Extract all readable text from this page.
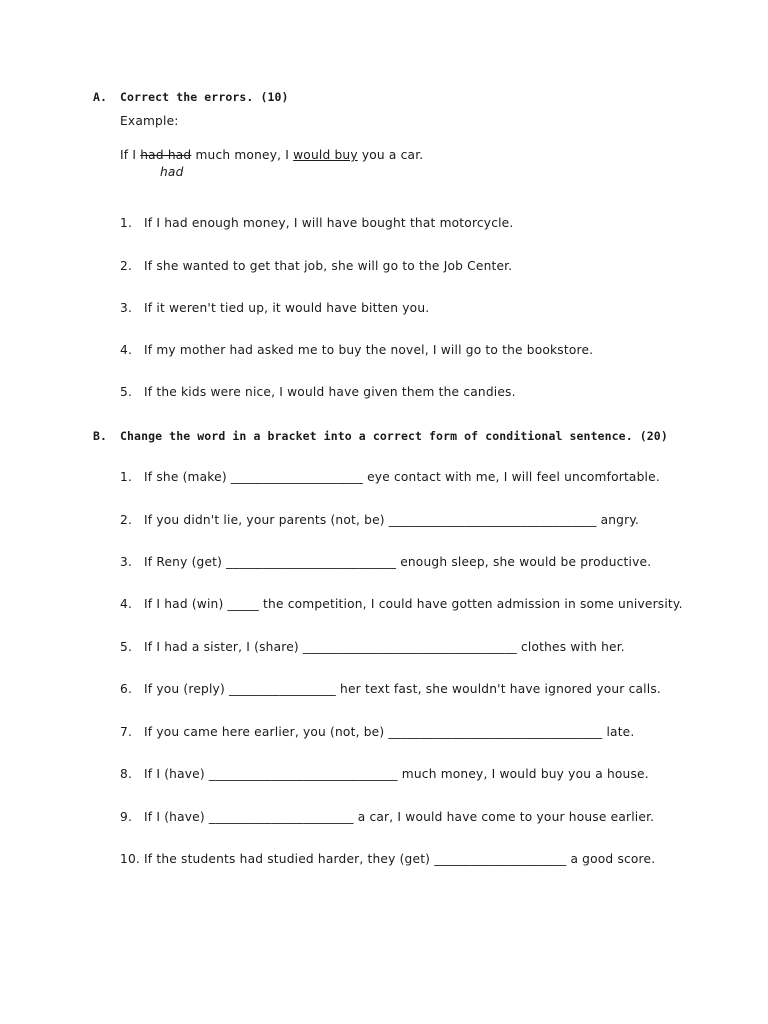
A. Correct the errors. (10)
Example:
If I had had much money, I would buy you a car.
had
1. If I had enough money, I will have bought that motorcycle.
2. If she wanted to get that job, she will go to the Job Center.
3. If it weren't tied up, it would have bitten you.
4. If my mother had asked me to buy the novel, I will go to the bookstore.
5. If the kids were nice, I would have given them the candies.
B. Change the word in a bracket into a correct form of conditional sentence. (20)
1. If she (make) _____________________ eye contact with me, I will feel uncomfortable.
2. If you didn't lie, your parents (not, be) _________________________________ angry.
3. If Reny (get) ___________________________ enough sleep, she would be productive.
4. If I had (win) _____ the competition, I could have gotten admission in some university.
5. If I had a sister, I (share) __________________________________ clothes with her.
6. If you (reply) _________________ her text fast, she wouldn't have ignored your calls.
7. If you came here earlier, you (not, be) __________________________________ late.
8. If I (have) ______________________________ much money, I would buy you a house.
9. If I (have) _______________________ a car, I would have come to your house earlier.
10. If the students had studied harder, they (get) _____________________ a good score.
